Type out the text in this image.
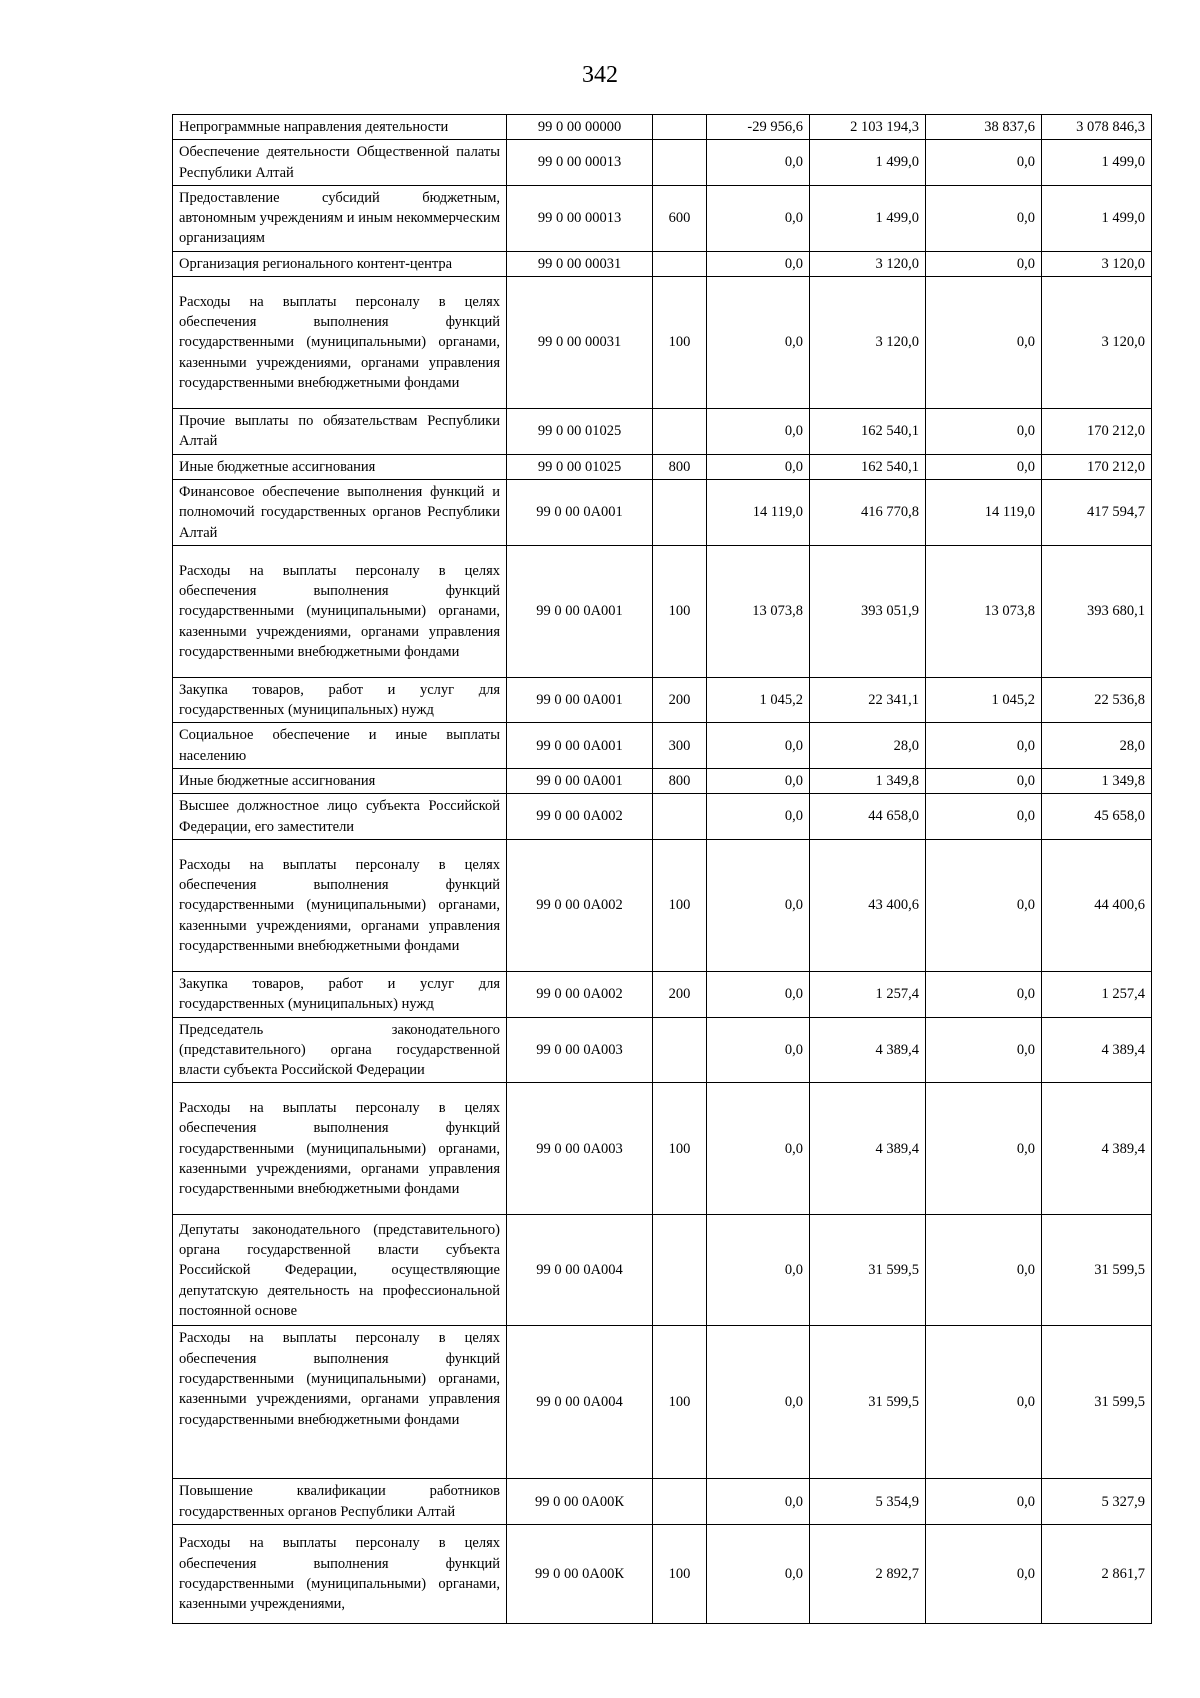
342
Непрограммные направления деятельности	99 0 00 00000		-29 956,6	2 103 194,3	38 837,6	3 078 846,3
Обеспечение деятельности Общественной палаты Республики Алтай	99 0 00 00013		0,0	1 499,0	0,0	1 499,0
Предоставление субсидий бюджетным, автономным учреждениям и иным некоммерческим организациям	99 0 00 00013	600	0,0	1 499,0	0,0	1 499,0
Организация регионального контент-центра	99 0 00 00031		0,0	3 120,0	0,0	3 120,0
Расходы на выплаты персоналу в целях обеспечения выполнения функций государственными (муниципальными) органами, казенными учреждениями, органами управления государственными внебюджетными фондами	99 0 00 00031	100	0,0	3 120,0	0,0	3 120,0
Прочие выплаты по обязательствам Республики Алтай	99 0 00 01025		0,0	162 540,1	0,0	170 212,0
Иные бюджетные ассигнования	99 0 00 01025	800	0,0	162 540,1	0,0	170 212,0
Финансовое обеспечение выполнения функций и полномочий государственных органов Республики Алтай	99 0 00 0А001		14 119,0	416 770,8	14 119,0	417 594,7
Расходы на выплаты персоналу в целях обеспечения выполнения функций государственными (муниципальными) органами, казенными учреждениями, органами управления государственными внебюджетными фондами	99 0 00 0А001	100	13 073,8	393 051,9	13 073,8	393 680,1
Закупка товаров, работ и услуг для государственных (муниципальных) нужд	99 0 00 0А001	200	1 045,2	22 341,1	1 045,2	22 536,8
Социальное обеспечение и иные выплаты населению	99 0 00 0А001	300	0,0	28,0	0,0	28,0
Иные бюджетные ассигнования	99 0 00 0А001	800	0,0	1 349,8	0,0	1 349,8
Высшее должностное лицо субъекта Российской Федерации, его заместители	99 0 00 0А002		0,0	44 658,0	0,0	45 658,0
Расходы на выплаты персоналу в целях обеспечения выполнения функций государственными (муниципальными) органами, казенными учреждениями, органами управления государственными внебюджетными фондами	99 0 00 0А002	100	0,0	43 400,6	0,0	44 400,6
Закупка товаров, работ и услуг для государственных (муниципальных) нужд	99 0 00 0А002	200	0,0	1 257,4	0,0	1 257,4
Председатель законодательного (представительного) органа государственной власти субъекта Российской Федерации	99 0 00 0А003		0,0	4 389,4	0,0	4 389,4
Расходы на выплаты персоналу в целях обеспечения выполнения функций государственными (муниципальными) органами, казенными учреждениями, органами управления государственными внебюджетными фондами	99 0 00 0А003	100	0,0	4 389,4	0,0	4 389,4
Депутаты законодательного (представительного) органа государственной власти субъекта Российской Федерации, осуществляющие депутатскую деятельность на профессиональной постоянной основе	99 0 00 0А004		0,0	31 599,5	0,0	31 599,5
Расходы на выплаты персоналу в целях обеспечения выполнения функций государственными (муниципальными) органами, казенными учреждениями, органами управления государственными внебюджетными фондами	99 0 00 0А004	100	0,0	31 599,5	0,0	31 599,5
Повышение квалификации работников государственных органов Республики Алтай	99 0 00 0А00К		0,0	5 354,9	0,0	5 327,9
Расходы на выплаты персоналу в целях обеспечения выполнения функций государственными (муниципальными) органами, казенными учреждениями,	99 0 00 0А00К	100	0,0	2 892,7	0,0	2 861,7
